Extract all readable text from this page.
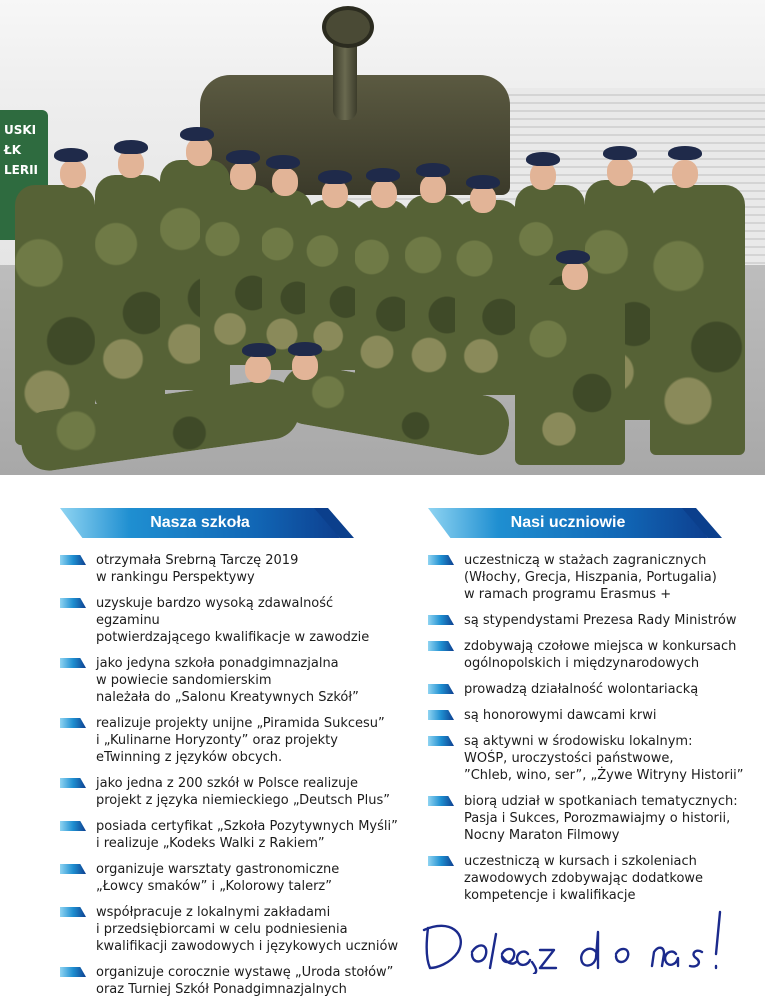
USKI
ŁK
LERII
Nasza szkoła
otrzymała Srebrną Tarczę 2019
w rankingu Perspektywy
uzyskuje bardzo wysoką zdawalność egzaminu
potwierdzającego kwalifikacje w zawodzie
jako jedyna szkoła ponadgimnazjalna
w powiecie sandomierskim
należała do „Salonu Kreatywnych Szkół”
realizuje projekty unijne „Piramida Sukcesu”
i „Kulinarne Horyzonty” oraz projekty
eTwinning z języków obcych.
jako jedna z 200 szkół w Polsce realizuje
projekt z języka niemieckiego „Deutsch Plus”
posiada certyfikat „Szkoła Pozytywnych Myśli”
i realizuje „Kodeks Walki z Rakiem”
organizuje warsztaty gastronomiczne
„Łowcy smaków” i „Kolorowy talerz”
współpracuje z lokalnymi zakładami
i przedsiębiorcami w celu podniesienia
kwalifikacji zawodowych i językowych uczniów
organizuje corocznie wystawę „Uroda stołów”
oraz Turniej Szkół Ponadgimnazjalnych
Nasi uczniowie
uczestniczą w stażach zagranicznych
(Włochy, Grecja, Hiszpania, Portugalia)
w ramach programu Erasmus +
są stypendystami Prezesa Rady Ministrów
zdobywają czołowe miejsca w konkursach
ogólnopolskich i międzynarodowych
prowadzą działalność wolontariacką
są honorowymi dawcami krwi
są aktywni w środowisku lokalnym:
WOŚP, uroczystości państwowe,
”Chleb, wino, ser”, „Żywe Witryny Historii”
biorą udział w spotkaniach tematycznych:
Pasja i Sukces, Porozmawiajmy o historii,
Nocny Maraton Filmowy
uczestniczą w kursach i szkoleniach
zawodowych zdobywając dodatkowe
kompetencje i kwalifikacje
Dołącz do nas!
